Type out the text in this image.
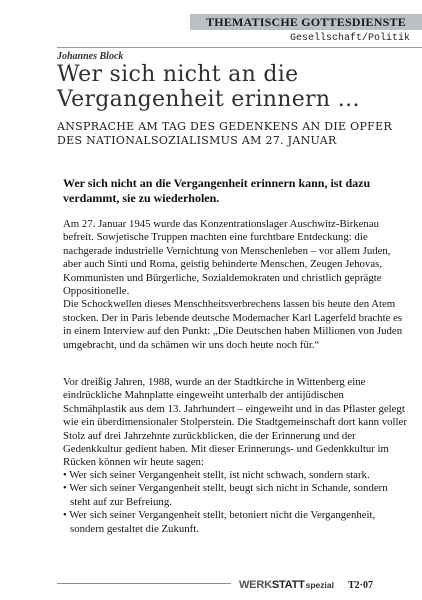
THEMATISCHE GOTTESDIENSTE
Gesellschaft/Politik
Johannes Block
Wer sich nicht an die
Vergangenheit erinnern …
ANSPRACHE AM TAG DES GEDENKENS AN DIE OPFER
DES NATIONALSOZIALISMUS AM 27. JANUAR
Wer sich nicht an die Vergangenheit erinnern kann, ist dazu verdammt, sie zu wiederholen.

Am 27. Januar 1945 wurde das Konzentrationslager Auschwitz-Birkenau befreit. Sowjetische Truppen machten eine furchtbare Entdeckung: die nachgerade industrielle Vernichtung von Menschenleben – vor allem Juden, aber auch Sinti und Roma, geistig behinderte Menschen, Zeugen Jehovas, Kommunisten und Bürgerliche, Sozialdemokraten und christlich geprägte Oppositionelle.

Die Schockwellen dieses Menschheitsverbrechens lassen bis heute den Atem stocken. Der in Paris lebende deutsche Modemacher Karl Lagerfeld brachte es in einem Interview auf den Punkt: „Die Deutschen haben Millionen von Juden umgebracht, und da schämen wir uns doch heute noch für.“

Vor dreißig Jahren, 1988, wurde an der Stadtkirche in Wittenberg eine eindrückliche Mahnplatte eingeweiht unterhalb der antijüdischen Schmähplastik aus dem 13. Jahrhundert – eingeweiht und in das Pflaster gelegt wie ein überdimensionaler Stolperstein. Die Stadtgemeinschaft dort kann voller Stolz auf drei Jahrzehnte zurückblicken, die der Erinnerung und der Gedenkkultur gedient haben. Mit dieser Erinnerungs- und Gedenkkultur im Rücken können wir heute sagen:

• Wer sich seiner Vergangenheit stellt, ist nicht schwach, sondern stark.

• Wer sich seiner Vergangenheit stellt, beugt sich nicht in Schande, sondern steht auf zur Befreiung.

• Wer sich seiner Vergangenheit stellt, betoniert nicht die Vergangenheit, sondern gestaltet die Zukunft.

WERKSTATTspezial T2·07
